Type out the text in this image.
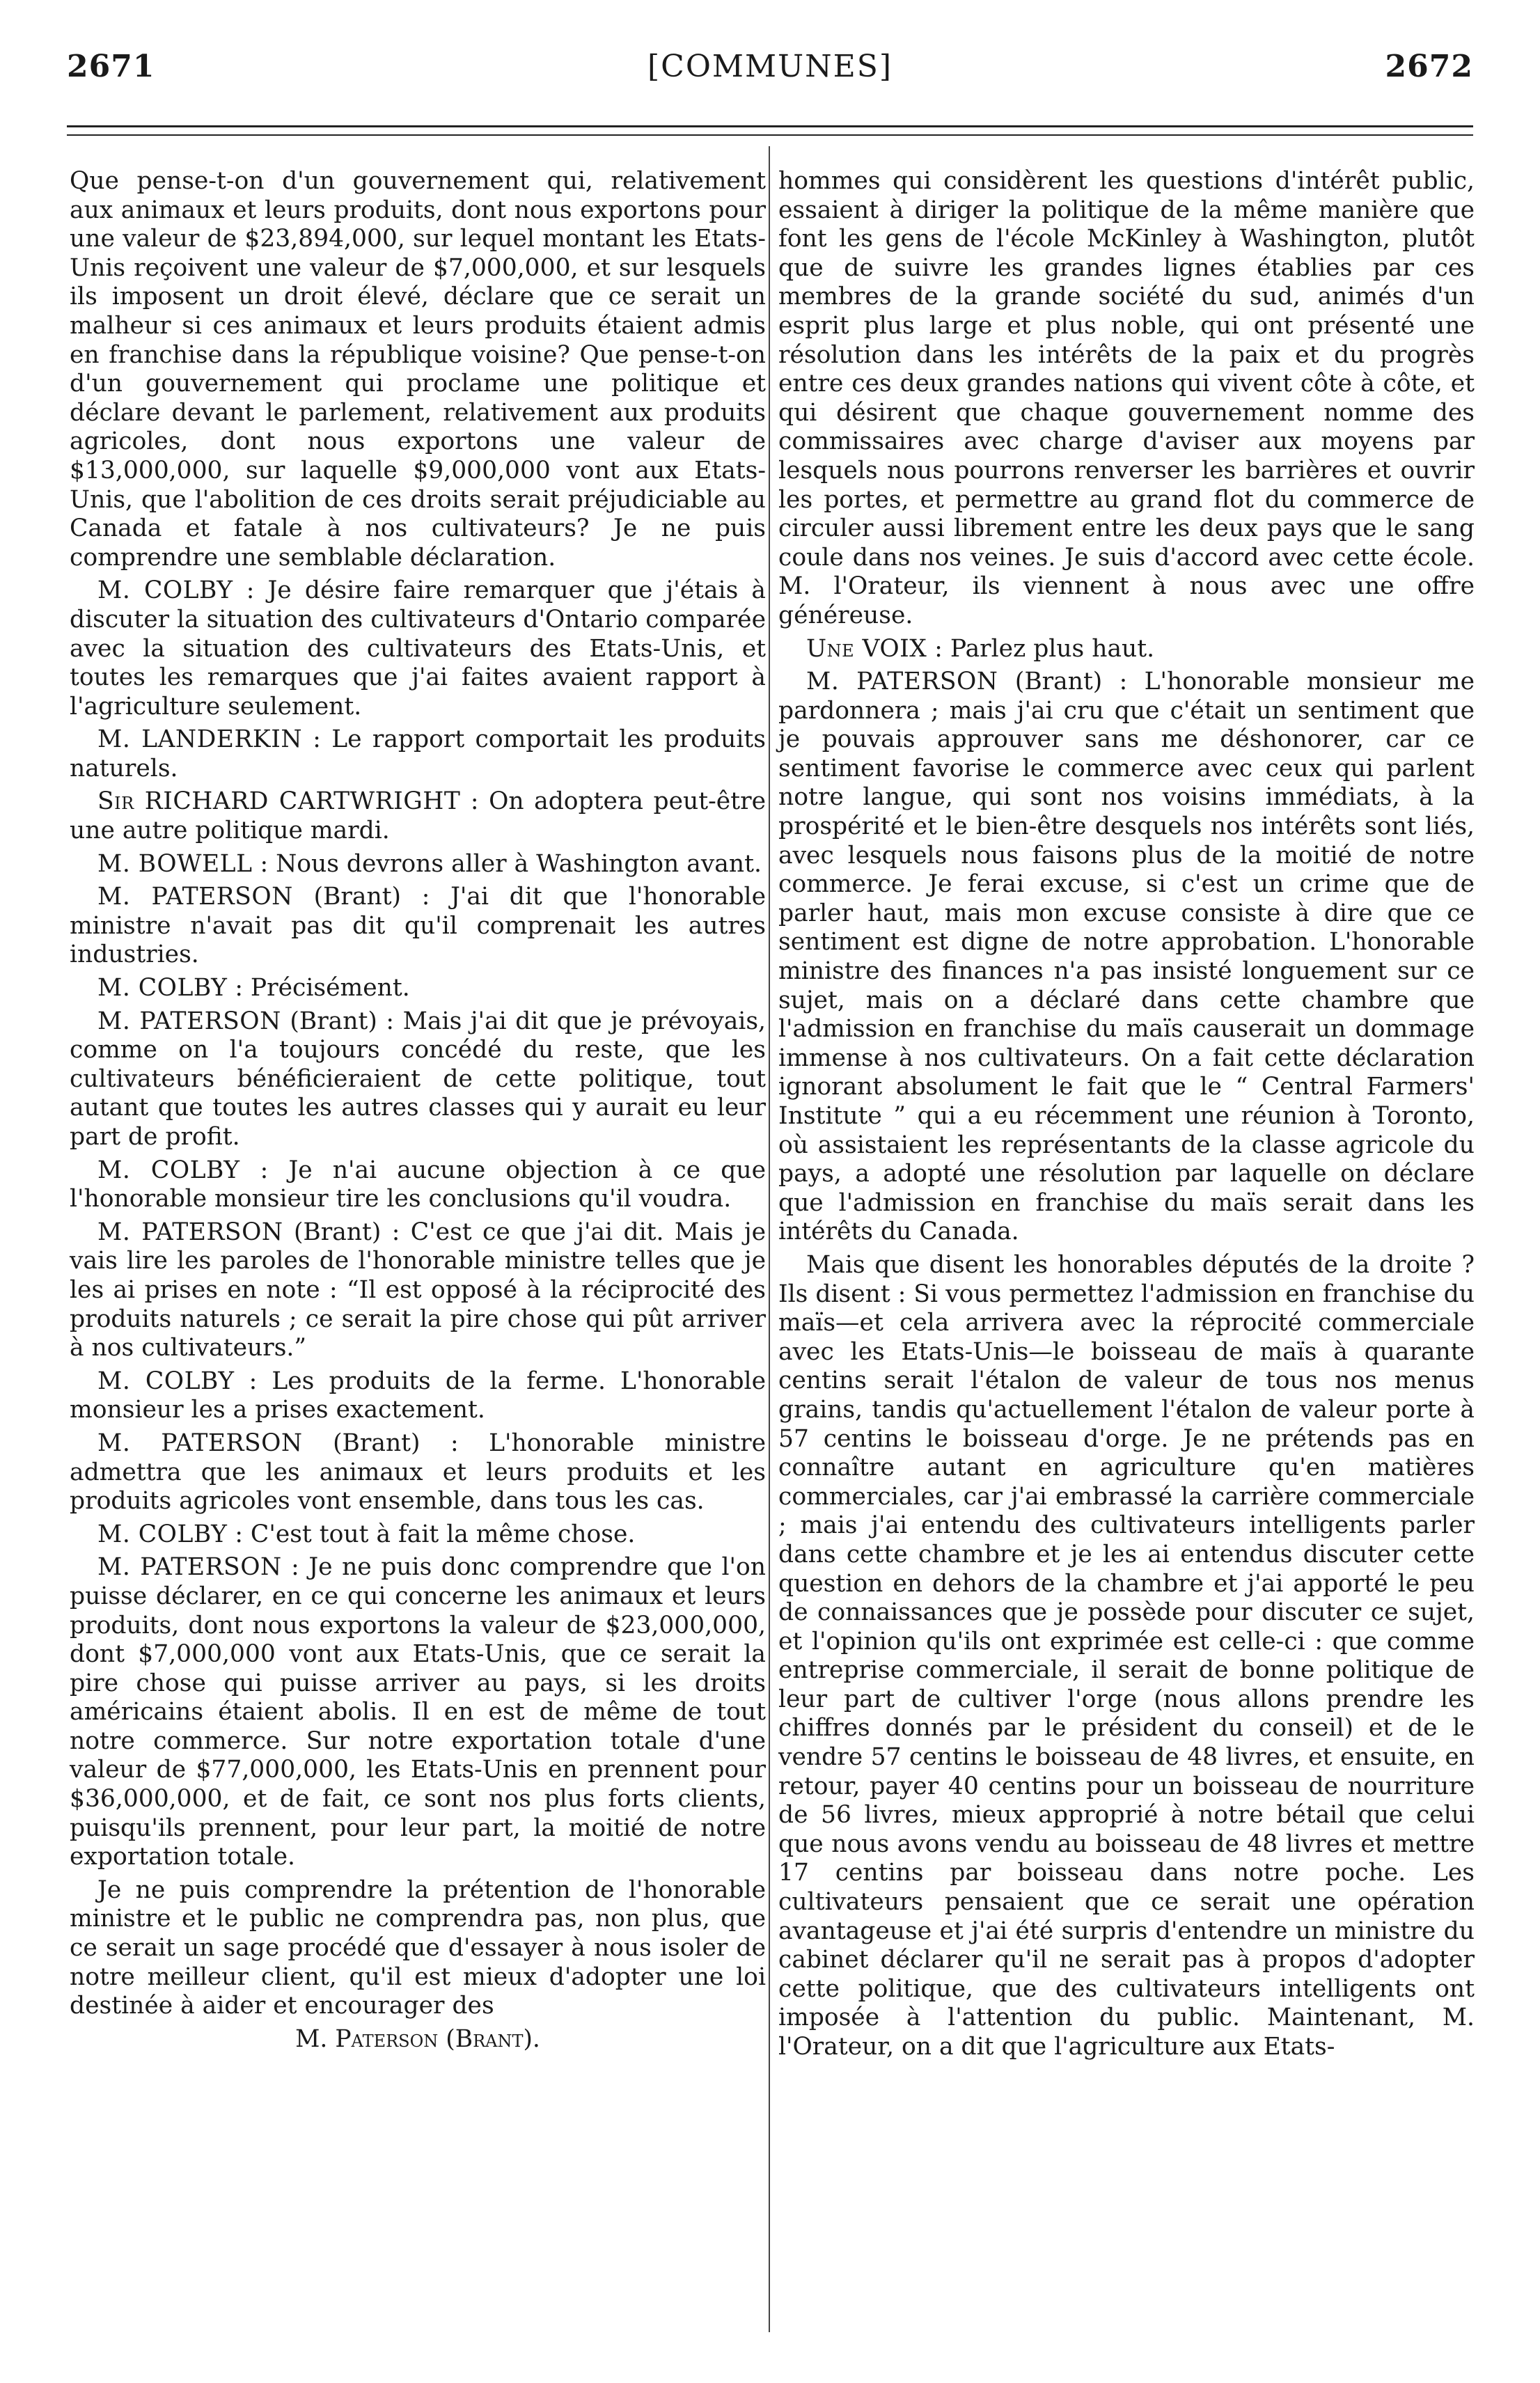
2671	[COMMUNES]	2672

Que pense-t-on d'un gouvernement qui, relativement aux animaux et leurs produits, dont nous exportons pour une valeur de $23,894,000, sur lequel montant les Etats-Unis reçoivent une valeur de $7,000,000, et sur lesquels ils imposent un droit élevé, déclare que ce serait un malheur si ces animaux et leurs produits étaient admis en franchise dans la république voisine? Que pense-t-on d'un gouvernement qui proclame une politique et déclare devant le parlement, relativement aux produits agricoles, dont nous exportons une valeur de $13,000,000, sur laquelle $9,000,000 vont aux Etats-Unis, que l'abolition de ces droits serait préjudiciable au Canada et fatale à nos cultivateurs? Je ne puis comprendre une semblable déclaration.

M. COLBY : Je désire faire remarquer que j'étais à discuter la situation des cultivateurs d'Ontario comparée avec la situation des cultivateurs des Etats-Unis, et toutes les remarques que j'ai faites avaient rapport à l'agriculture seulement.

M. LANDERKIN : Le rapport comportait les produits naturels.

Sir RICHARD CARTWRIGHT : On adoptera peut-être une autre politique mardi.

M. BOWELL : Nous devrons aller à Washington avant.

M. PATERSON (Brant) : J'ai dit que l'honorable ministre n'avait pas dit qu'il comprenait les autres industries.

M. COLBY : Précisément.

M. PATERSON (Brant) : Mais j'ai dit que je prévoyais, comme on l'a toujours concédé du reste, que les cultivateurs bénéficieraient de cette politique, tout autant que toutes les autres classes qui y aurait eu leur part de profit.

M. COLBY : Je n'ai aucune objection à ce que l'honorable monsieur tire les conclusions qu'il voudra.

M. PATERSON (Brant) : C'est ce que j'ai dit. Mais je vais lire les paroles de l'honorable ministre telles que je les ai prises en note : “Il est opposé à la réciprocité des produits naturels ; ce serait la pire chose qui pût arriver à nos cultivateurs.”

M. COLBY : Les produits de la ferme. L'honorable monsieur les a prises exactement.

M. PATERSON (Brant) : L'honorable ministre admettra que les animaux et leurs produits et les produits agricoles vont ensemble, dans tous les cas.

M. COLBY : C'est tout à fait la même chose.

M. PATERSON : Je ne puis donc comprendre que l'on puisse déclarer, en ce qui concerne les animaux et leurs produits, dont nous exportons la valeur de $23,000,000, dont $7,000,000 vont aux Etats-Unis, que ce serait la pire chose qui puisse arriver au pays, si les droits américains étaient abolis. Il en est de même de tout notre commerce. Sur notre exportation totale d'une valeur de $77,000,000, les Etats-Unis en prennent pour $36,000,000, et de fait, ce sont nos plus forts clients, puisqu'ils prennent, pour leur part, la moitié de notre exportation totale.

Je ne puis comprendre la prétention de l'honorable ministre et le public ne comprendra pas, non plus, que ce serait un sage procédé que d'essayer à nous isoler de notre meilleur client, qu'il est mieux d'adopter une loi destinée à aider et encourager des

M. Paterson (Brant).

hommes qui considèrent les questions d'intérêt public, essaient à diriger la politique de la même manière que font les gens de l'école McKinley à Washington, plutôt que de suivre les grandes lignes établies par ces membres de la grande société du sud, animés d'un esprit plus large et plus noble, qui ont présenté une résolution dans les intérêts de la paix et du progrès entre ces deux grandes nations qui vivent côte à côte, et qui désirent que chaque gouvernement nomme des commissaires avec charge d'aviser aux moyens par lesquels nous pourrons renverser les barrières et ouvrir les portes, et permettre au grand flot du commerce de circuler aussi librement entre les deux pays que le sang coule dans nos veines. Je suis d'accord avec cette école. M. l'Orateur, ils viennent à nous avec une offre généreuse.

Une VOIX : Parlez plus haut.

M. PATERSON (Brant) : L'honorable monsieur me pardonnera ; mais j'ai cru que c'était un sentiment que je pouvais approuver sans me déshonorer, car ce sentiment favorise le commerce avec ceux qui parlent notre langue, qui sont nos voisins immédiats, à la prospérité et le bien-être desquels nos intérêts sont liés, avec lesquels nous faisons plus de la moitié de notre commerce. Je ferai excuse, si c'est un crime que de parler haut, mais mon excuse consiste à dire que ce sentiment est digne de notre approbation. L'honorable ministre des finances n'a pas insisté longuement sur ce sujet, mais on a déclaré dans cette chambre que l'admission en franchise du maïs causerait un dommage immense à nos cultivateurs. On a fait cette déclaration ignorant absolument le fait que le “ Central Farmers' Institute ” qui a eu récemment une réunion à Toronto, où assistaient les représentants de la classe agricole du pays, a adopté une résolution par laquelle on déclare que l'admission en franchise du maïs serait dans les intérêts du Canada.

Mais que disent les honorables députés de la droite ? Ils disent : Si vous permettez l'admission en franchise du maïs—et cela arrivera avec la réprocité commerciale avec les Etats-Unis—le boisseau de maïs à quarante centins serait l'étalon de valeur de tous nos menus grains, tandis qu'actuellement l'étalon de valeur porte à 57 centins le boisseau d'orge. Je ne prétends pas en connaître autant en agriculture qu'en matières commerciales, car j'ai embrassé la carrière commerciale ; mais j'ai entendu des cultivateurs intelligents parler dans cette chambre et je les ai entendus discuter cette question en dehors de la chambre et j'ai apporté le peu de connaissances que je possède pour discuter ce sujet, et l'opinion qu'ils ont exprimée est celle-ci : que comme entreprise commerciale, il serait de bonne politique de leur part de cultiver l'orge (nous allons prendre les chiffres donnés par le président du conseil) et de le vendre 57 centins le boisseau de 48 livres, et ensuite, en retour, payer 40 centins pour un boisseau de nourriture de 56 livres, mieux approprié à notre bétail que celui que nous avons vendu au boisseau de 48 livres et mettre 17 centins par boisseau dans notre poche. Les cultivateurs pensaient que ce serait une opération avantageuse et j'ai été surpris d'entendre un ministre du cabinet déclarer qu'il ne serait pas à propos d'adopter cette politique, que des cultivateurs intelligents ont imposée à l'attention du public. Maintenant, M. l'Orateur, on a dit que l'agriculture aux Etats-
